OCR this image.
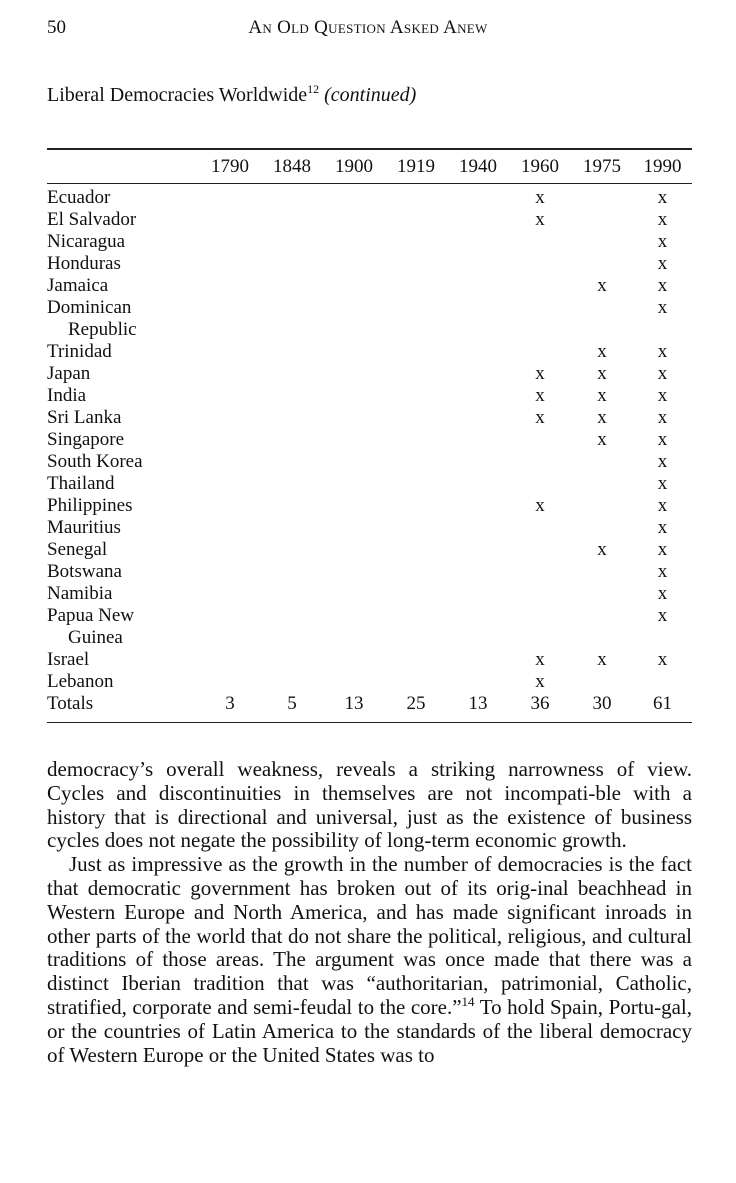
50	An Old Question Asked Anew
Liberal Democracies Worldwide$^{12}$ (continued)
	1790	1848	1900	1919	1940	1960	1975	1990

Ecuador						x		x
El Salvador						x		x
Nicaragua								x
Honduras								x
Jamaica							x	x
Dominican
Republic								x
Trinidad							x	x
Japan						x	x	x
India						x	x	x
Sri Lanka						x	x	x
Singapore							x	x
South Korea								x
Thailand								x
Philippines						x		x
Mauritius								x
Senegal							x	x
Botswana								x
Namibia								x
Papua New
Guinea								x
Israel						x	x	x
Lebanon						x		
Totals	3	5	13	25	13	36	30	61

democracy’s overall weakness, reveals a striking narrowness of view. Cycles and discontinuities in themselves are not incompati-ble with a history that is directional and universal, just as the existence of business cycles does not negate the possibility of long-term economic growth.

Just as impressive as the growth in the number of democracies is the fact that democratic government has broken out of its orig-inal beachhead in Western Europe and North America, and has made significant inroads in other parts of the world that do not share the political, religious, and cultural traditions of those areas. The argument was once made that there was a distinct Iberian tradition that was “authoritarian, patrimonial, Catholic, stratified, corporate and semi-feudal to the core.”$^{14}$ To hold Spain, Portu-gal, or the countries of Latin America to the standards of the liberal democracy of Western Europe or the United States was to
